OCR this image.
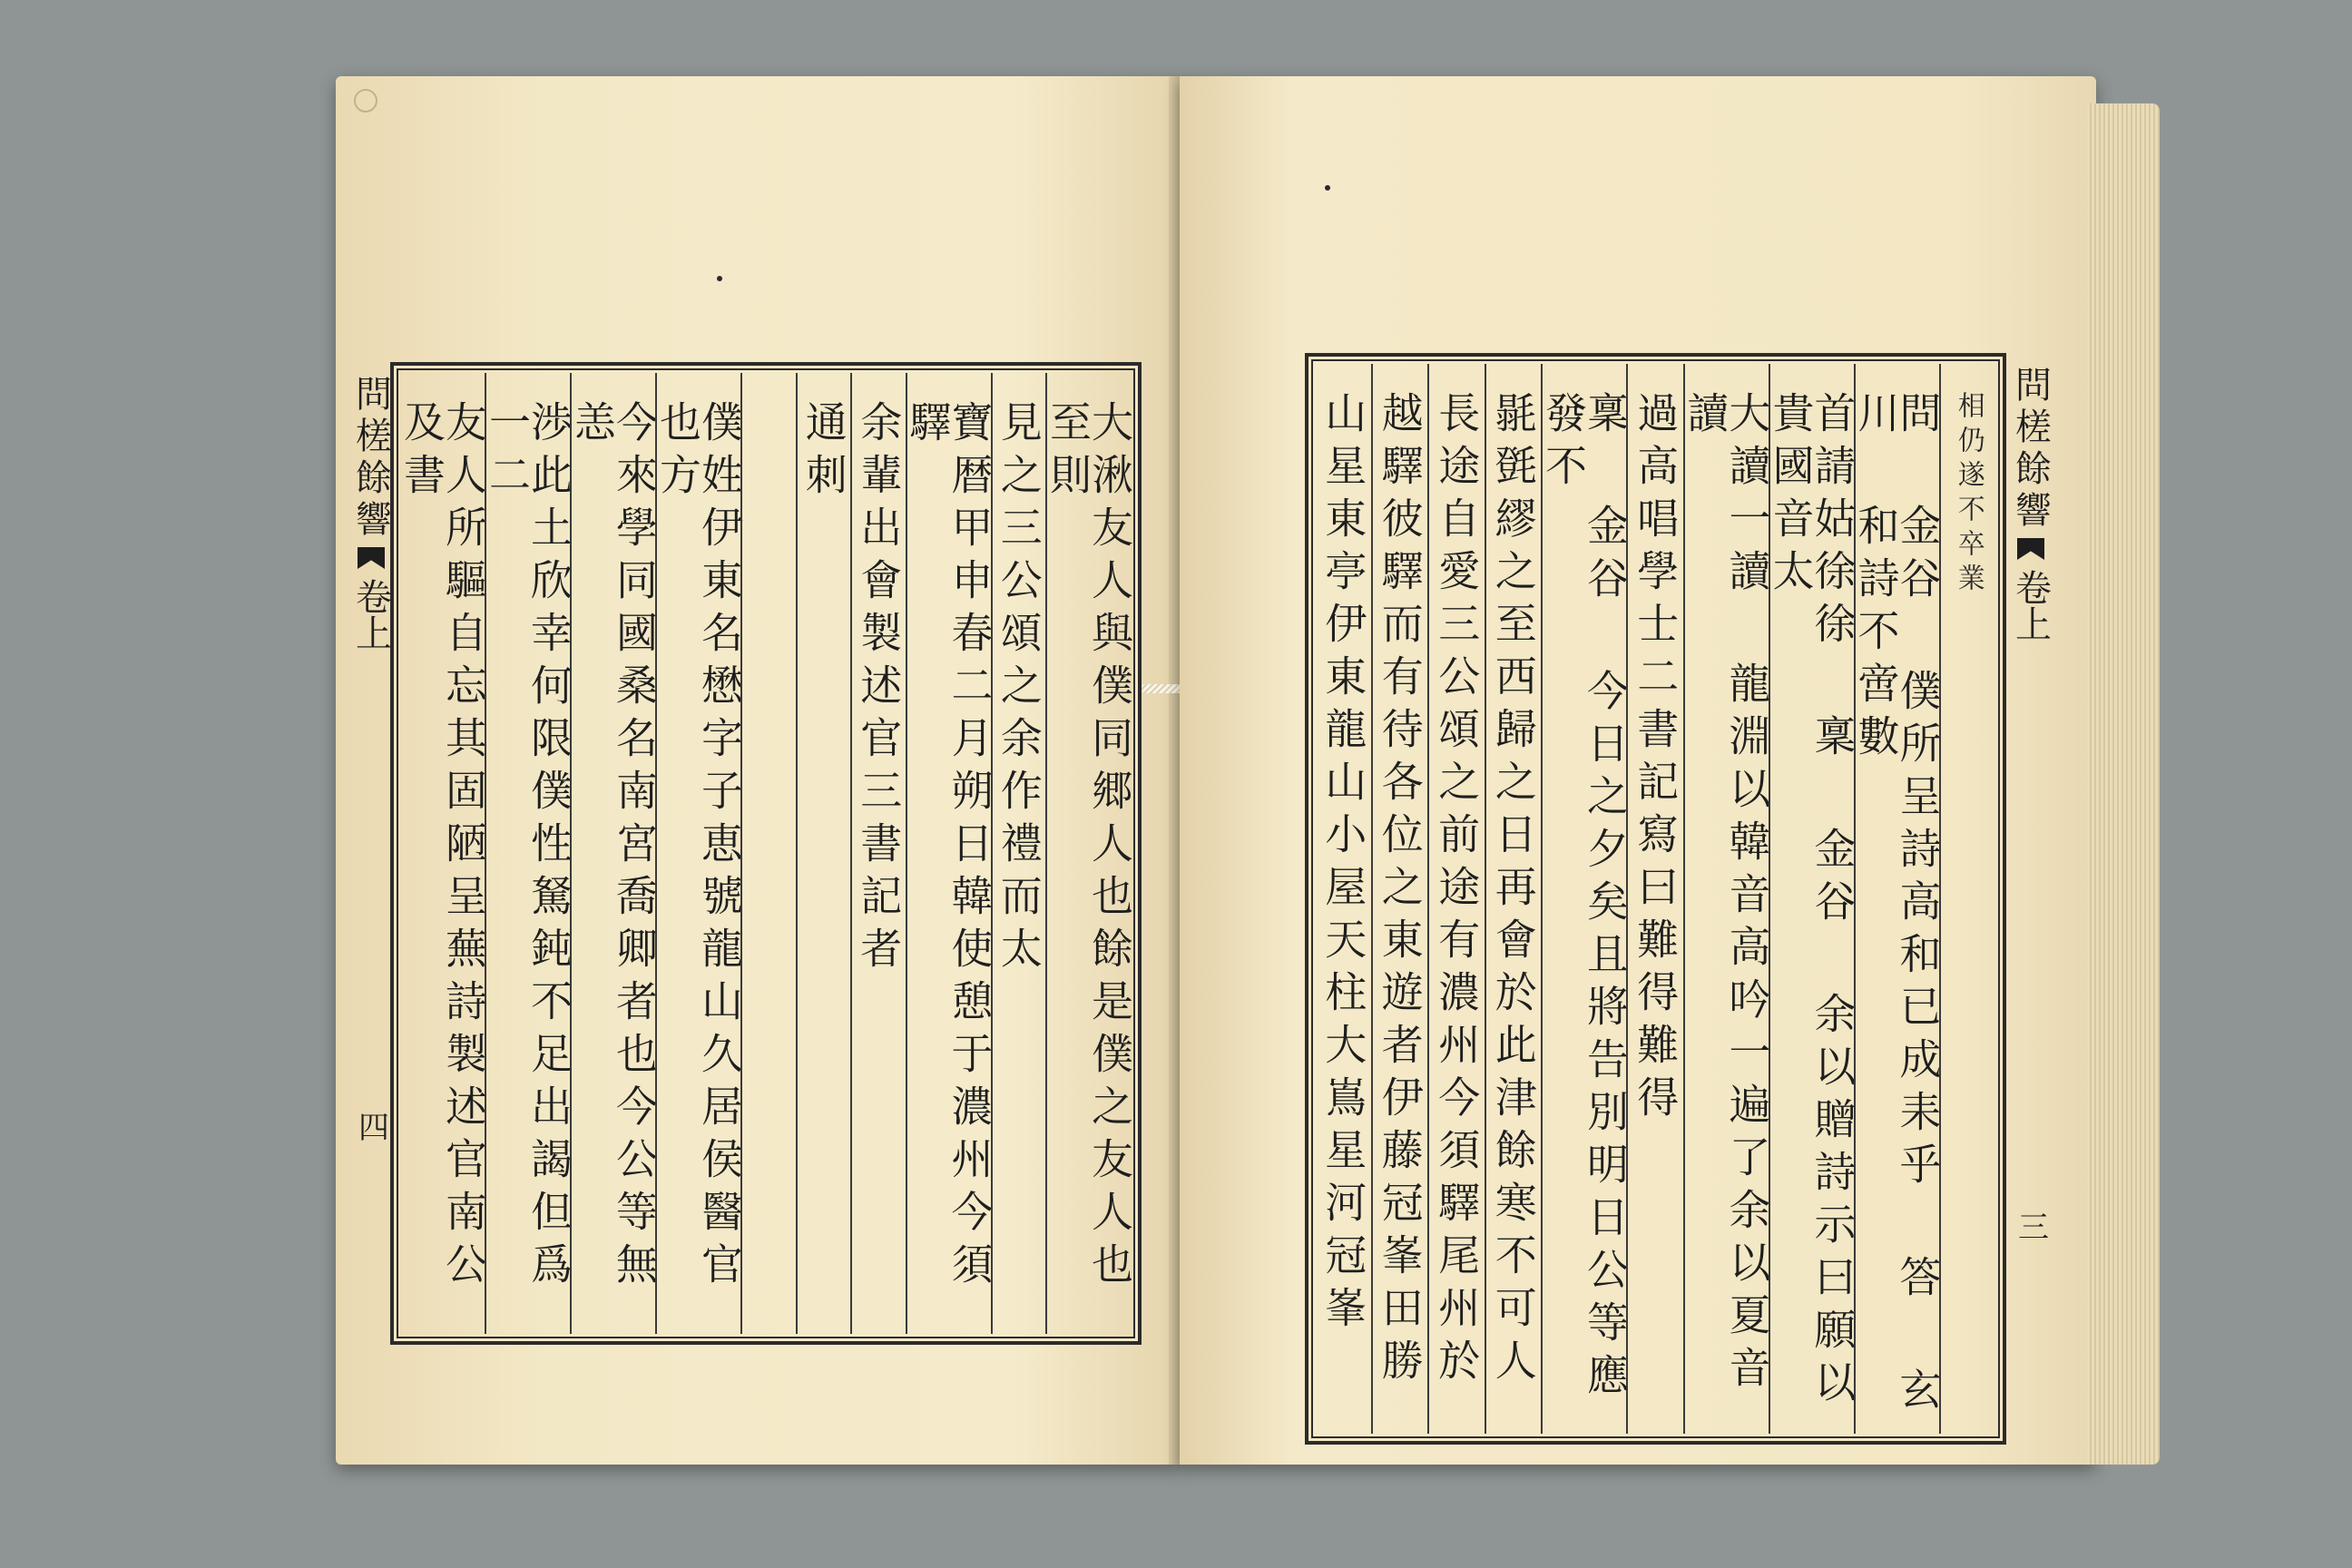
問槎餘響
卷上
四	大湫友人與僕同郷人也餘是僕之友人也至則
見之三公頌之余作禮而太
寶暦甲申春二月朔日韓使憩于濃州今須驛
余輩出會製述官三書記者
通刺
僕姓伊東名懋字子恵號龍山久居侯醫官也方
今來學同國桑名南宮喬卿者也今公等無恙
渉此土欣幸何限僕性駑鈍不足出謁但爲一二
友人所驅自忘其固陋呈蕪詩製述官南公及書	問槎餘響
卷上
三
相仍遂不卒業
問 金谷 僕所呈詩高和已成耒乎 答 玄川 和詩不啻數
首請姑徐徐 稟 金谷 余以贈詩示曰願以貴國音太
大讀一讀 龍淵以韓音高吟一遍了余以夏音讀
過高唱學士二書記寫曰難得難得
稟 金谷 今日之夕矣且將告別明日公等應發不
毾㲪繆之至西歸之日再會於此津餘寒不可人
長途自愛三公頌之前途有濃州今須驛尾州於
越驛彼驛而有待各位之東遊者伊藤冠峯田勝
山星東亭伊東龍山小屋天柱大嶌星河冠峯
